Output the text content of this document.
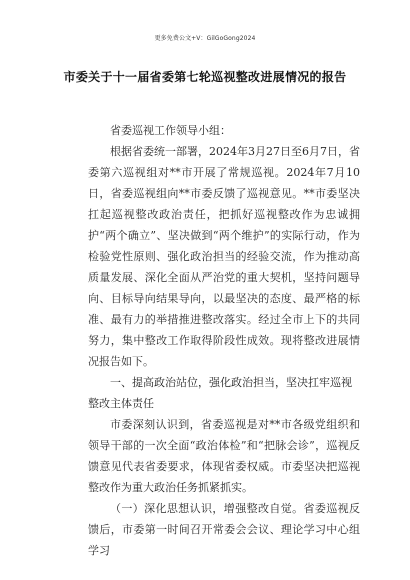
更多免费公文+V：GilGoGong2024
市委关于十一届省委第七轮巡视整改进展情况的报告

省委巡视工作领导小组：

根据省委统一部署，2024年3月27日至6月7日，省委第六巡视组对**市开展了常规巡视。2024年7月10日，省委巡视组向**市委反馈了巡视意见。**市委坚决扛起巡视整改政治责任，把抓好巡视整改作为忠诚拥护“两个确立”、坚决做到“两个维护”的实际行动，作为检验党性原则、强化政治担当的经验交流，作为推动高质量发展、深化全面从严治党的重大契机，坚持问题导向、目标导向结果导向，以最坚决的态度、最严格的标准、最有力的举措推进整改落实。经过全市上下的共同努力，集中整改工作取得阶段性成效。现将整改进展情况报告如下。

一、提高政治站位，强化政治担当，坚决扛牢巡视整改主体责任

市委深刻认识到，省委巡视是对**市各级党组织和领导干部的一次全面“政治体检”和“把脉会诊”，巡视反馈意见代表省委要求，体现省委权威。市委坚决把巡视整改作为重大政治任务抓紧抓实。

（一）深化思想认识，增强整改自觉。省委巡视反馈后，市委第一时间召开常委会会议、理论学习中心组学习
